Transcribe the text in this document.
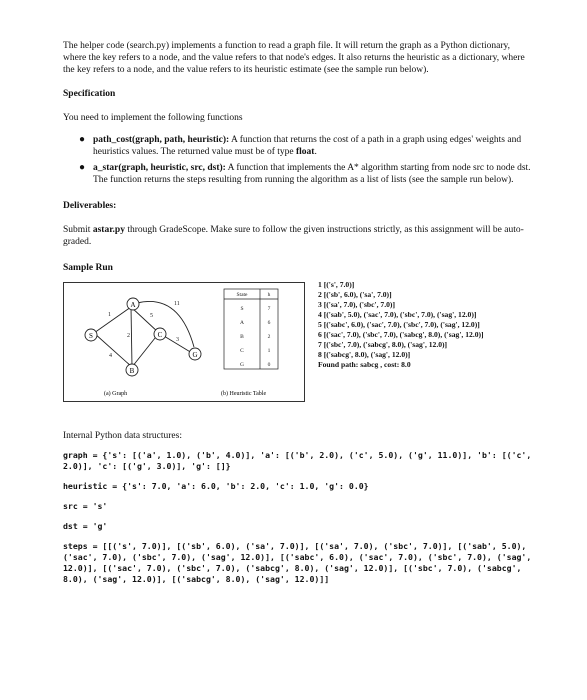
The helper code (search.py) implements a function to read a graph file. It will return the graph as a Python dictionary, where the key refers to a node, and the value refers to that node's edges. It also returns the heuristic as a dictionary, where the key refers to a node, and the value refers to its heuristic estimate (see the sample run below).

Specification

You need to implement the following functions

● path_cost(graph, path, heuristic): A function that returns the cost of a path in a graph using edges' weights and heuristics values. The returned value must be of type float.
● a_star(graph, heuristic, src, dst): A function that implements the A* algorithm starting from node src to node dst. The function returns the steps resulting from running the algorithm as a list of lists (see the sample run below).

Deliverables:

Submit astar.py through GradeScope. Make sure to follow the given instructions strictly, as this assignment will be auto-graded.

Sample Run

S
A
B
C
G
1
4
5
2
3
11
(a) Graph
State	h
S	7
A	6
B	2
C	1
G	0
(b) Heuristic Table
1 [('s', 7.0)]
2 [('sb', 6.0), ('sa', 7.0)]
3 [('sa', 7.0), ('sbc', 7.0)]
4 [('sab', 5.0), ('sac', 7.0), ('sbc', 7.0), ('sag', 12.0)]
5 [('sabc', 6.0), ('sac', 7.0), ('sbc', 7.0), ('sag', 12.0)]
6 [('sac', 7.0), ('sbc', 7.0), ('sabcg', 8.0), ('sag', 12.0)]
7 [('sbc', 7.0), ('sabcg', 8.0), ('sag', 12.0)]
8 [('sabcg', 8.0), ('sag', 12.0)]
Found path: sabcg , cost: 8.0

Internal Python data structures:

graph = {'s': [('a', 1.0), ('b', 4.0)], 'a': [('b', 2.0), ('c', 5.0), ('g', 11.0)], 'b': [('c', 2.0)], 'c': [('g', 3.0)], 'g': []}
heuristic = {'s': 7.0, 'a': 6.0, 'b': 2.0, 'c': 1.0, 'g': 0.0}
src = 's'
dst = 'g'
steps = [[('s', 7.0)], [('sb', 6.0), ('sa', 7.0)], [('sa', 7.0), ('sbc', 7.0)], [('sab', 5.0), ('sac', 7.0), ('sbc', 7.0), ('sag', 12.0)], [('sabc', 6.0), ('sac', 7.0), ('sbc', 7.0), ('sag', 12.0)], [('sac', 7.0), ('sbc', 7.0), ('sabcg', 8.0), ('sag', 12.0)], [('sbc', 7.0), ('sabcg', 8.0), ('sag', 12.0)], [('sabcg', 8.0), ('sag', 12.0)]]
